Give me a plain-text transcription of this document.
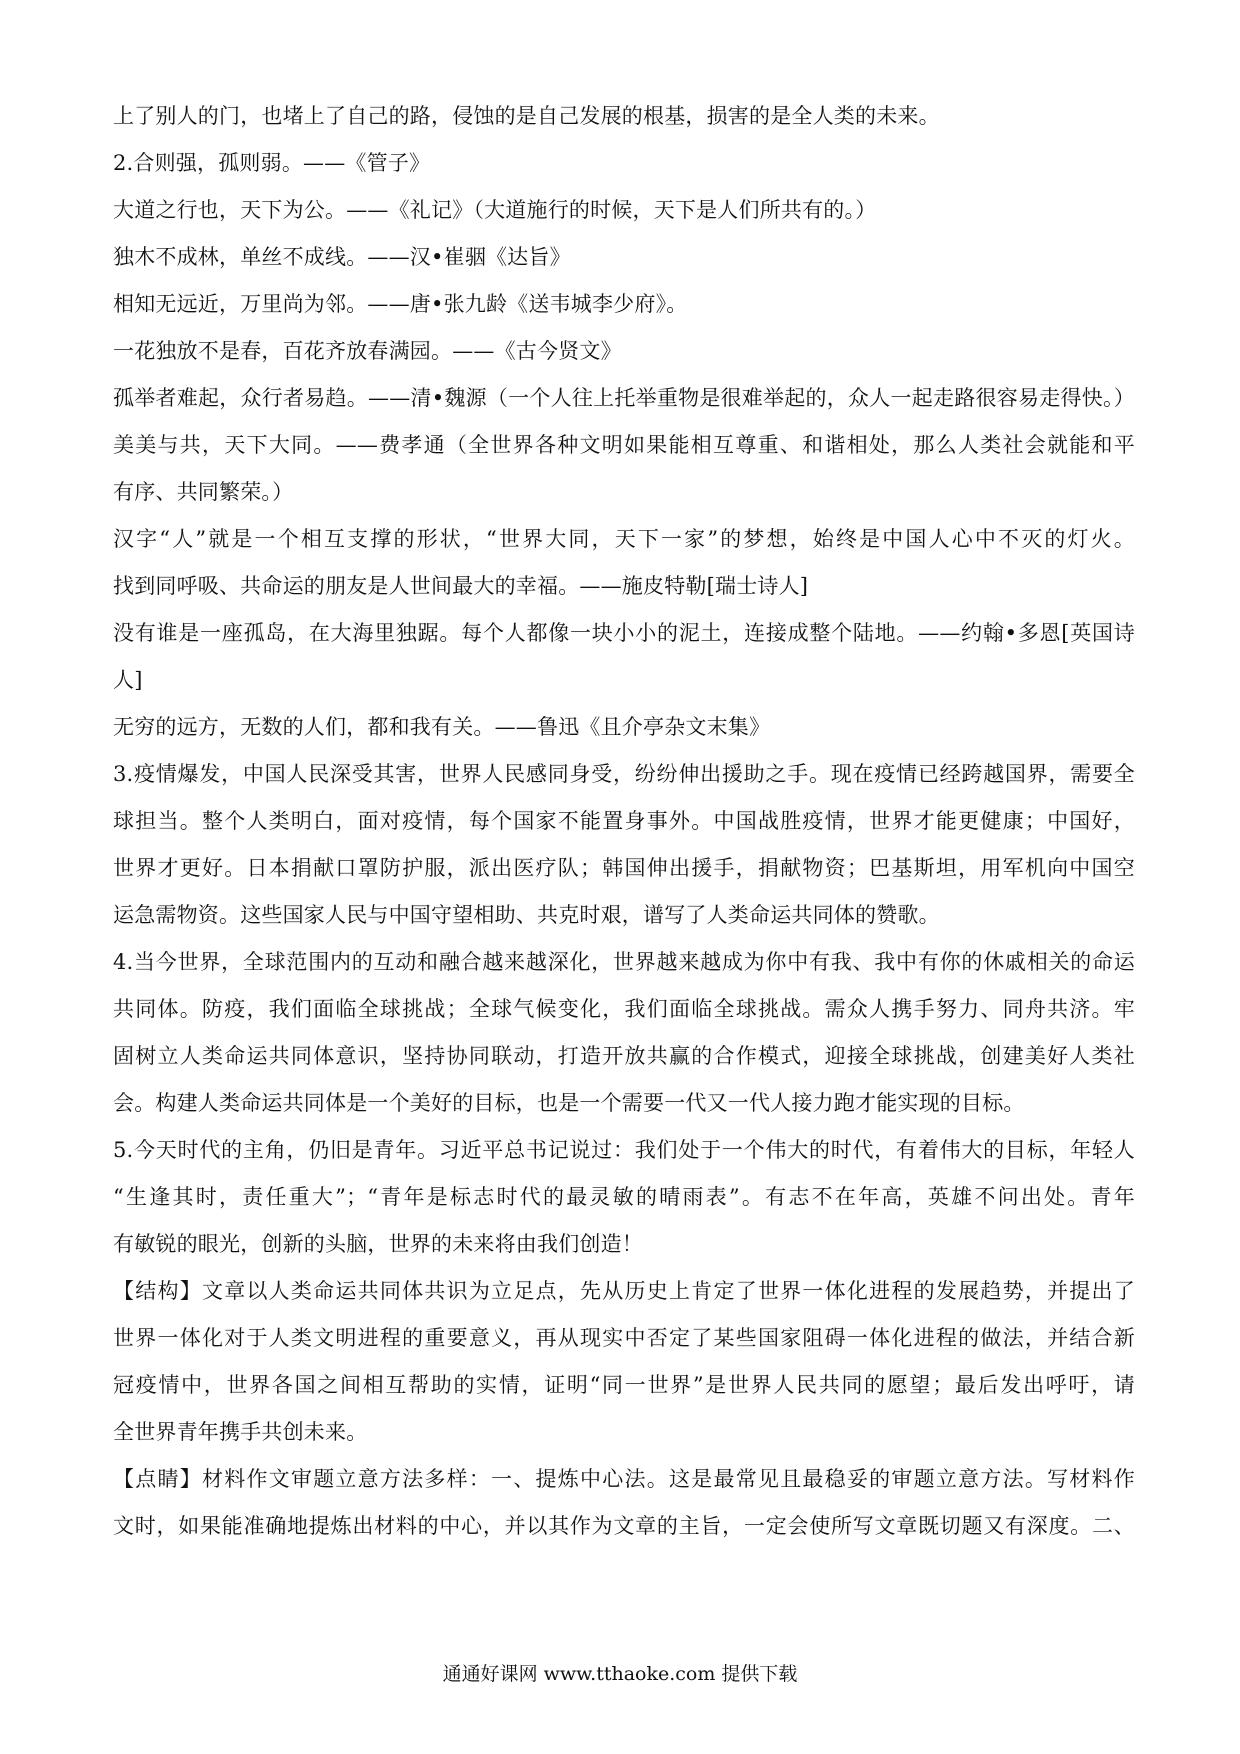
上了别人的门，也堵上了自己的路，侵蚀的是自己发展的根基，损害的是全人类的未来。
2.合则强，孤则弱。——《管子》
大道之行也，天下为公。——《礼记》（大道施行的时候，天下是人们所共有的。）
独木不成林，单丝不成线。——汉•崔骃《达旨》
相知无远近，万里尚为邻。——唐•张九龄《送韦城李少府》。
一花独放不是春，百花齐放春满园。——《古今贤文》
孤举者难起，众行者易趋。——清•魏源（一个人往上托举重物是很难举起的，众人一起走路很容易走得快。）
美美与共，天下大同。——费孝通（全世界各种文明如果能相互尊重、和谐相处，那么人类社会就能和平
有序、共同繁荣。）
汉字“人”就是一个相互支撑的形状，“世界大同，天下一家”的梦想，始终是中国人心中不灭的灯火。
找到同呼吸、共命运的朋友是人世间最大的幸福。——施皮特勒[瑞士诗人]
没有谁是一座孤岛，在大海里独踞。每个人都像一块小小的泥土，连接成整个陆地。——约翰•多恩[英国诗
人]
无穷的远方，无数的人们，都和我有关。——鲁迅《且介亭杂文末集》
3.疫情爆发，中国人民深受其害，世界人民感同身受，纷纷伸出援助之手。现在疫情已经跨越国界，需要全
球担当。整个人类明白，面对疫情，每个国家不能置身事外。中国战胜疫情，世界才能更健康；中国好，
世界才更好。日本捐献口罩防护服，派出医疗队；韩国伸出援手，捐献物资；巴基斯坦，用军机向中国空
运急需物资。这些国家人民与中国守望相助、共克时艰，谱写了人类命运共同体的赞歌。
4.当今世界，全球范围内的互动和融合越来越深化，世界越来越成为你中有我、我中有你的休戚相关的命运
共同体。防疫，我们面临全球挑战；全球气候变化，我们面临全球挑战。需众人携手努力、同舟共济。牢
固树立人类命运共同体意识，坚持协同联动，打造开放共赢的合作模式，迎接全球挑战，创建美好人类社
会。构建人类命运共同体是一个美好的目标，也是一个需要一代又一代人接力跑才能实现的目标。
5.今天时代的主角，仍旧是青年。习近平总书记说过：我们处于一个伟大的时代，有着伟大的目标，年轻人
“生逢其时，责任重大”；“青年是标志时代的最灵敏的晴雨表”。有志不在年高，英雄不问出处。青年
有敏锐的眼光，创新的头脑，世界的未来将由我们创造！
【结构】文章以人类命运共同体共识为立足点，先从历史上肯定了世界一体化进程的发展趋势，并提出了
世界一体化对于人类文明进程的重要意义，再从现实中否定了某些国家阻碍一体化进程的做法，并结合新
冠疫情中，世界各国之间相互帮助的实情，证明“同一世界”是世界人民共同的愿望；最后发出呼吁，请
全世界青年携手共创未来。
【点睛】材料作文审题立意方法多样：一、提炼中心法。这是最常见且最稳妥的审题立意方法。写材料作
文时，如果能准确地提炼出材料的中心，并以其作为文章的主旨，一定会使所写文章既切题又有深度。二、
通通好课网 www.tthaoke.com 提供下载
